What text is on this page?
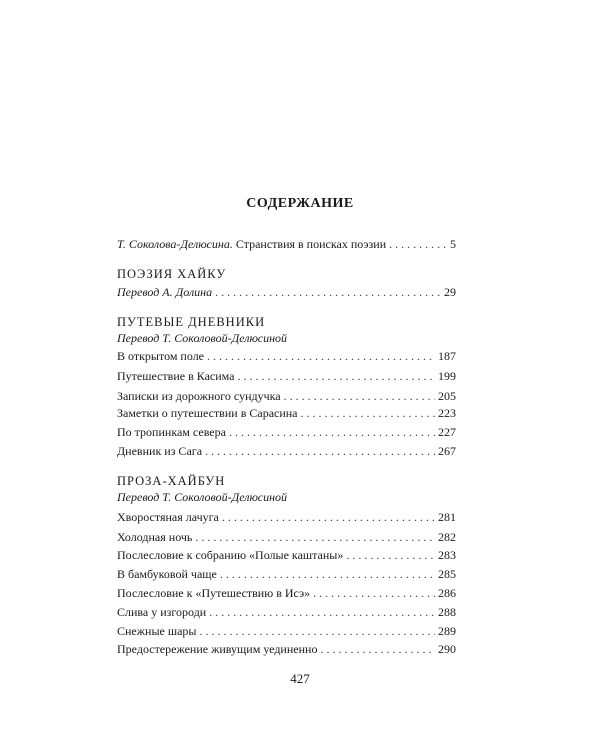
СОДЕРЖАНИЕ
Т. Соколова-Делюсина. Странствия в поисках поэзии . . .	5
ПОЭЗИЯ ХАЙКУ
Перевод А. Долина . . .	29
ПУТЕВЫЕ ДНЕВНИКИ
Перевод Т. Соколовой-Делюсиной
В открытом поле . . .	187
Путешествие в Касима . . .	199
Записки из дорожного сундучка . . .	205
Заметки о путешествии в Сарасина . . .	223
По тропинкам севера . . .	227
Дневник из Сага . . .	267
ПРОЗА-ХАЙБУН
Перевод Т. Соколовой-Делюсиной
Хворостяная лачуга . . .	281
Холодная ночь . . .	282
Послесловие к собранию «Полые каштаны» . . .	283
В бамбуковой чаще . . .	285
Послесловие к «Путешествию в Исэ» . . .	286
Слива у изгороди . . .	288
Снежные шары . . .	289
Предостережение живущим уединенно . . .	290
427
